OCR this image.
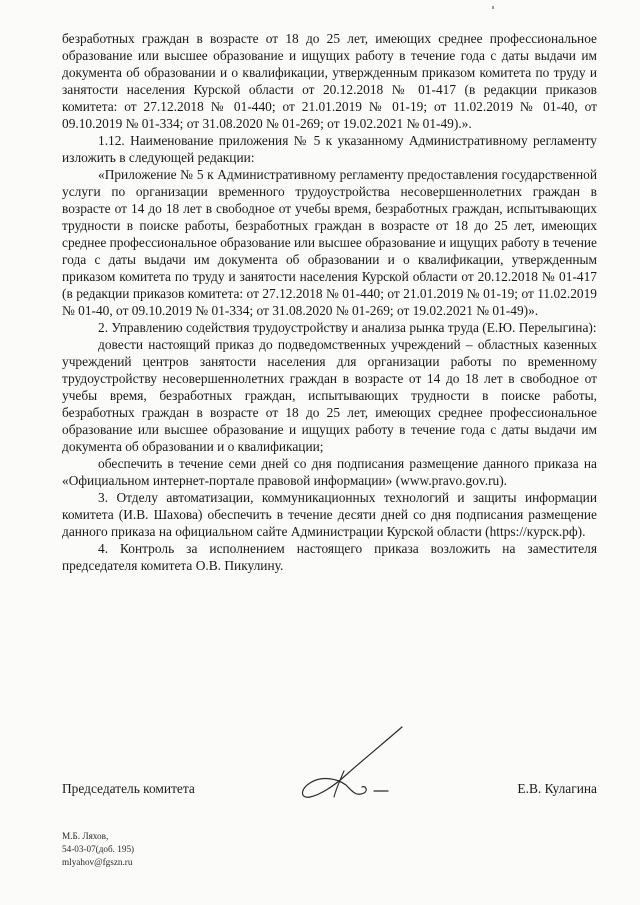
безработных граждан в возрасте от 18 до 25 лет, имеющих среднее профессиональное образование или высшее образование и ищущих работу в течение года с даты выдачи им документа об образовании и о квалификации, утвержденным приказом комитета по труду и занятости населения Курской области от 20.12.2018 № 01-417 (в редакции приказов комитета: от 27.12.2018 № 01-440; от 21.01.2019 № 01-19; от 11.02.2019 № 01-40, от 09.10.2019 № 01-334; от 31.08.2020 № 01-269; от 19.02.2021 № 01-49).».

1.12. Наименование приложения № 5 к указанному Административному регламенту изложить в следующей редакции:

«Приложение № 5 к Административному регламенту предоставления государственной услуги по организации временного трудоустройства несовершеннолетних граждан в возрасте от 14 до 18 лет в свободное от учебы время, безработных граждан, испытывающих трудности в поиске работы, безработных граждан в возрасте от 18 до 25 лет, имеющих среднее профессиональное образование или высшее образование и ищущих работу в течение года с даты выдачи им документа об образовании и о квалификации, утвержденным приказом комитета по труду и занятости населения Курской области от 20.12.2018 № 01-417 (в редакции приказов комитета: от 27.12.2018 № 01-440; от 21.01.2019 № 01-19; от 11.02.2019 № 01-40, от 09.10.2019 № 01-334; от 31.08.2020 № 01-269; от 19.02.2021 № 01-49)».

2. Управлению содействия трудоустройству и анализа рынка труда (Е.Ю. Перелыгина):

довести настоящий приказ до подведомственных учреждений – областных казенных учреждений центров занятости населения для организации работы по временному трудоустройству несовершеннолетних граждан в возрасте от 14 до 18 лет в свободное от учебы время, безработных граждан, испытывающих трудности в поиске работы, безработных граждан в возрасте от 18 до 25 лет, имеющих среднее профессиональное образование или высшее образование и ищущих работу в течение года с даты выдачи им документа об образовании и о квалификации;

обеспечить в течение семи дней со дня подписания размещение данного приказа на «Официальном интернет-портале правовой информации» (www.pravo.gov.ru).

3. Отделу автоматизации, коммуникационных технологий и защиты информации комитета (И.В. Шахова) обеспечить в течение десяти дней со дня подписания размещение данного приказа на официальном сайте Администрации Курской области (https://курск.рф).

4. Контроль за исполнением настоящего приказа возложить на заместителя председателя комитета О.В. Пикулину.

Председатель комитета	Е.В. Кулагина
М.Б. Ляхов,
54-03-07(доб. 195)
mlyahov@fgszn.ru
